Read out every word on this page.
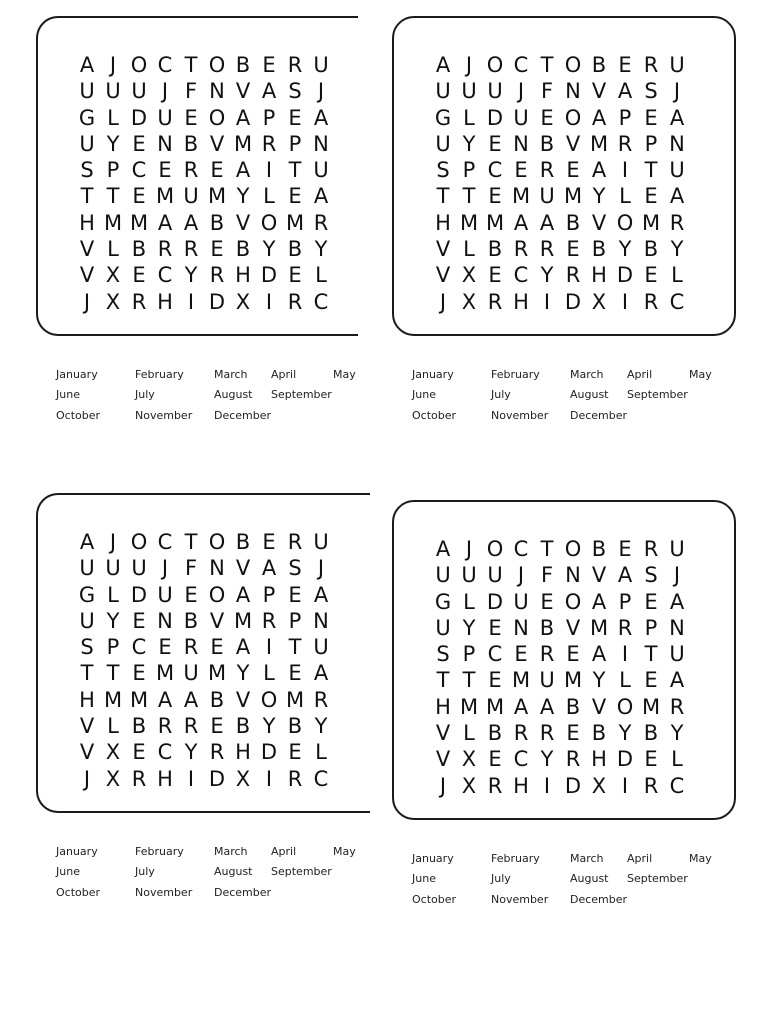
A J O C T O B E R U
U U U J F N V A S J
G L D U E O A P E A
U Y E N B V M R P N
S P C E R E A I T U
T T E M U M Y L E A
H M M A A B V O M R
V L B R R E B Y B Y
V X E C Y R H D E L
J X R H I D X I R C
January	February	March April	May
June	July	August September
October	November December
A J O C T O B E R U
U U U J F N V A S J
G L D U E O A P E A
U Y E N B V M R P N
S P C E R E A I T U
T T E M U M Y L E A
H M M A A B V O M R
V L B R R E B Y B Y
V X E C Y R H D E L
J X R H I D X I R C
January	February	March April	May
June	July	August September
October	November December
A J O C T O B E R U
U U U J F N V A S J
G L D U E O A P E A
U Y E N B V M R P N
S P C E R E A I T U
T T E M U M Y L E A
H M M A A B V O M R
V L B R R E B Y B Y
V X E C Y R H D E L
J X R H I D X I R C
January	February	March April	May
June	July	August September
October	November December
A J O C T O B E R U
U U U J F N V A S J
G L D U E O A P E A
U Y E N B V M R P N
S P C E R E A I T U
T T E M U M Y L E A
H M M A A B V O M R
V L B R R E B Y B Y
V X E C Y R H D E L
J X R H I D X I R C
January	February	March April	May
June	July	August September
October	November December
